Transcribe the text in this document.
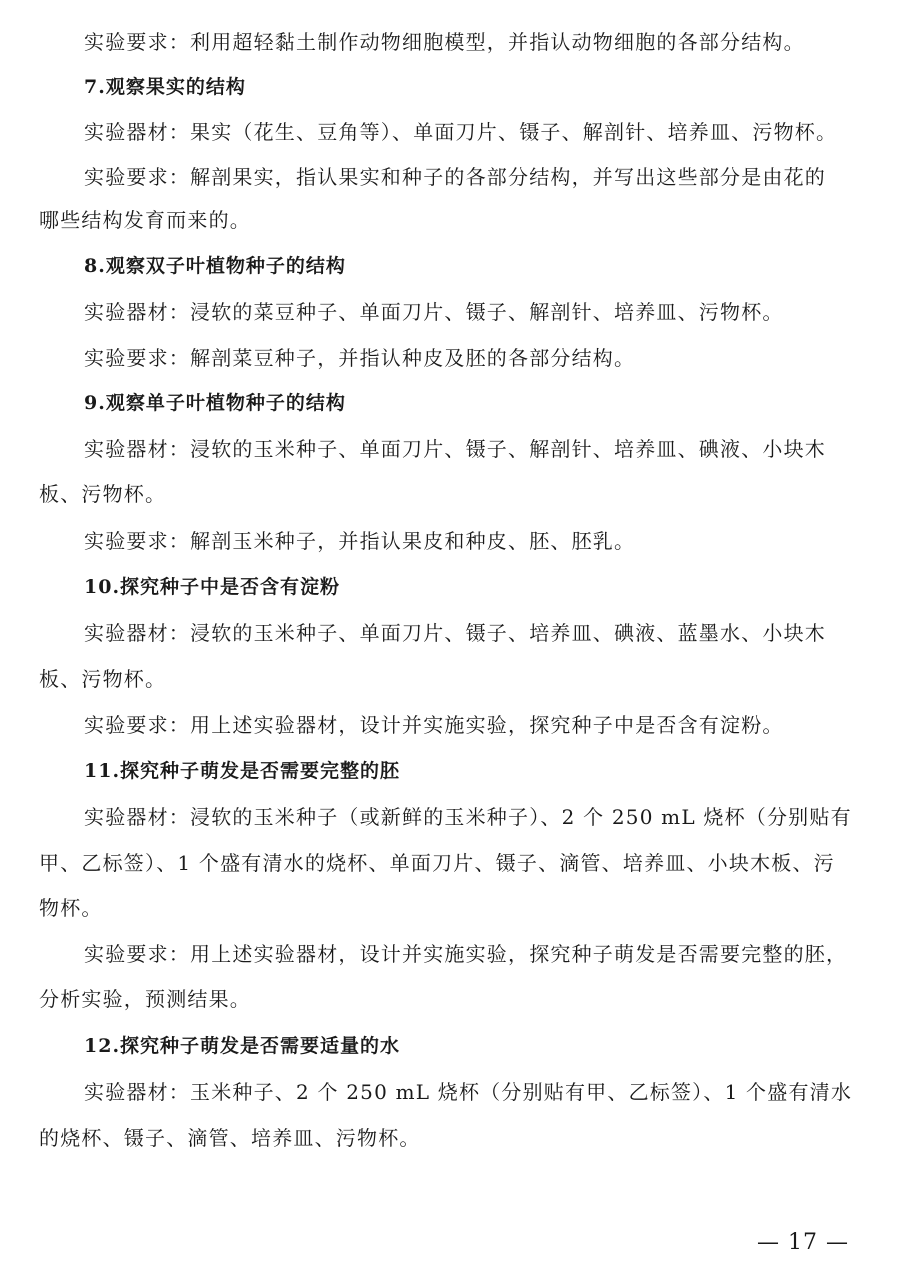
实验要求：利用超轻黏土制作动物细胞模型，并指认动物细胞的各部分结构。
7.观察果实的结构
实验器材：果实（花生、豆角等）、单面刀片、镊子、解剖针、培养皿、污物杯。
实验要求：解剖果实，指认果实和种子的各部分结构，并写出这些部分是由花的
哪些结构发育而来的。
8.观察双子叶植物种子的结构
实验器材：浸软的菜豆种子、单面刀片、镊子、解剖针、培养皿、污物杯。
实验要求：解剖菜豆种子，并指认种皮及胚的各部分结构。
9.观察单子叶植物种子的结构
实验器材：浸软的玉米种子、单面刀片、镊子、解剖针、培养皿、碘液、小块木
板、污物杯。
实验要求：解剖玉米种子，并指认果皮和种皮、胚、胚乳。
10.探究种子中是否含有淀粉
实验器材：浸软的玉米种子、单面刀片、镊子、培养皿、碘液、蓝墨水、小块木
板、污物杯。
实验要求：用上述实验器材，设计并实施实验，探究种子中是否含有淀粉。
11.探究种子萌发是否需要完整的胚
实验器材：浸软的玉米种子（或新鲜的玉米种子）、2 个 250 mL 烧杯（分别贴有
甲、乙标签）、1 个盛有清水的烧杯、单面刀片、镊子、滴管、培养皿、小块木板、污
物杯。
实验要求：用上述实验器材，设计并实施实验，探究种子萌发是否需要完整的胚，
分析实验，预测结果。
12.探究种子萌发是否需要适量的水
实验器材：玉米种子、2 个 250 mL 烧杯（分别贴有甲、乙标签）、1 个盛有清水
的烧杯、镊子、滴管、培养皿、污物杯。
— 17 —
